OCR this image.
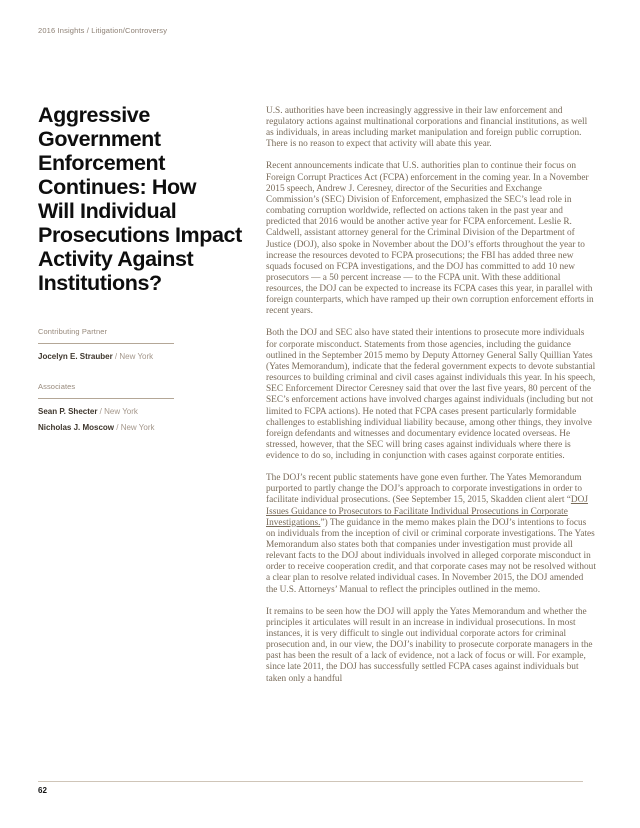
2016 Insights / Litigation/Controversy
Aggressive
Government
Enforcement
Continues: How
Will Individual
Prosecutions Impact
Activity Against
Institutions?
Contributing Partner
Jocelyn E. Strauber / New York
Associates
Sean P. Shecter / New York
Nicholas J. Moscow / New York

U.S. authorities have been increasingly aggressive in their law enforcement and regulatory actions against multinational corporations and financial institutions, as well as individuals, in areas including market manipulation and foreign public corruption. There is no reason to expect that activity will abate this year.

Recent announcements indicate that U.S. authorities plan to continue their focus on Foreign Corrupt Practices Act (FCPA) enforcement in the coming year. In a November 2015 speech, Andrew J. Ceresney, director of the Securities and Exchange Commission’s (SEC) Division of Enforcement, emphasized the SEC’s lead role in combating corruption worldwide, reflected on actions taken in the past year and predicted that 2016 would be another active year for FCPA enforcement. Leslie R. Caldwell, assistant attorney general for the Criminal Division of the Department of Justice (DOJ), also spoke in November about the DOJ’s efforts throughout the year to increase the resources devoted to FCPA prosecutions; the FBI has added three new squads focused on FCPA investigations, and the DOJ has committed to add 10 new prosecutors — a 50 percent increase — to the FCPA unit. With these additional resources, the DOJ can be expected to increase its FCPA cases this year, in parallel with foreign counterparts, which have ramped up their own corruption enforcement efforts in recent years.

Both the DOJ and SEC also have stated their intentions to prosecute more individuals for corporate misconduct. Statements from those agencies, including the guidance outlined in the September 2015 memo by Deputy Attorney General Sally Quillian Yates (Yates Memorandum), indicate that the federal government expects to devote substantial resources to building criminal and civil cases against individuals this year. In his speech, SEC Enforcement Director Ceresney said that over the last five years, 80 percent of the SEC’s enforcement actions have involved charges against individuals (including but not limited to FCPA actions). He noted that FCPA cases present particularly formidable challenges to establishing individual liability because, among other things, they involve foreign defendants and witnesses and documentary evidence located overseas. He stressed, however, that the SEC will bring cases against individuals where there is evidence to do so, including in conjunction with cases against corporate entities.

The DOJ’s recent public statements have gone even further. The Yates Memorandum purported to partly change the DOJ’s approach to corporate investigations in order to facilitate individual prosecutions. (See September 15, 2015, Skadden client alert “DOJ Issues Guidance to Prosecutors to Facilitate Individual Prosecutions in Corporate Investigations.”) The guidance in the memo makes plain the DOJ’s intentions to focus on individuals from the inception of civil or criminal corporate investigations. The Yates Memorandum also states both that companies under investigation must provide all relevant facts to the DOJ about individuals involved in alleged corporate misconduct in order to receive cooperation credit, and that corporate cases may not be resolved without a clear plan to resolve related individual cases. In November 2015, the DOJ amended the U.S. Attorneys’ Manual to reflect the principles outlined in the memo.

It remains to be seen how the DOJ will apply the Yates Memorandum and whether the principles it articulates will result in an increase in individual prosecutions. In most instances, it is very difficult to single out individual corporate actors for criminal prosecution and, in our view, the DOJ’s inability to prosecute corporate managers in the past has been the result of a lack of evidence, not a lack of focus or will. For example, since late 2011, the DOJ has successfully settled FCPA cases against individuals but taken only a handful

62
